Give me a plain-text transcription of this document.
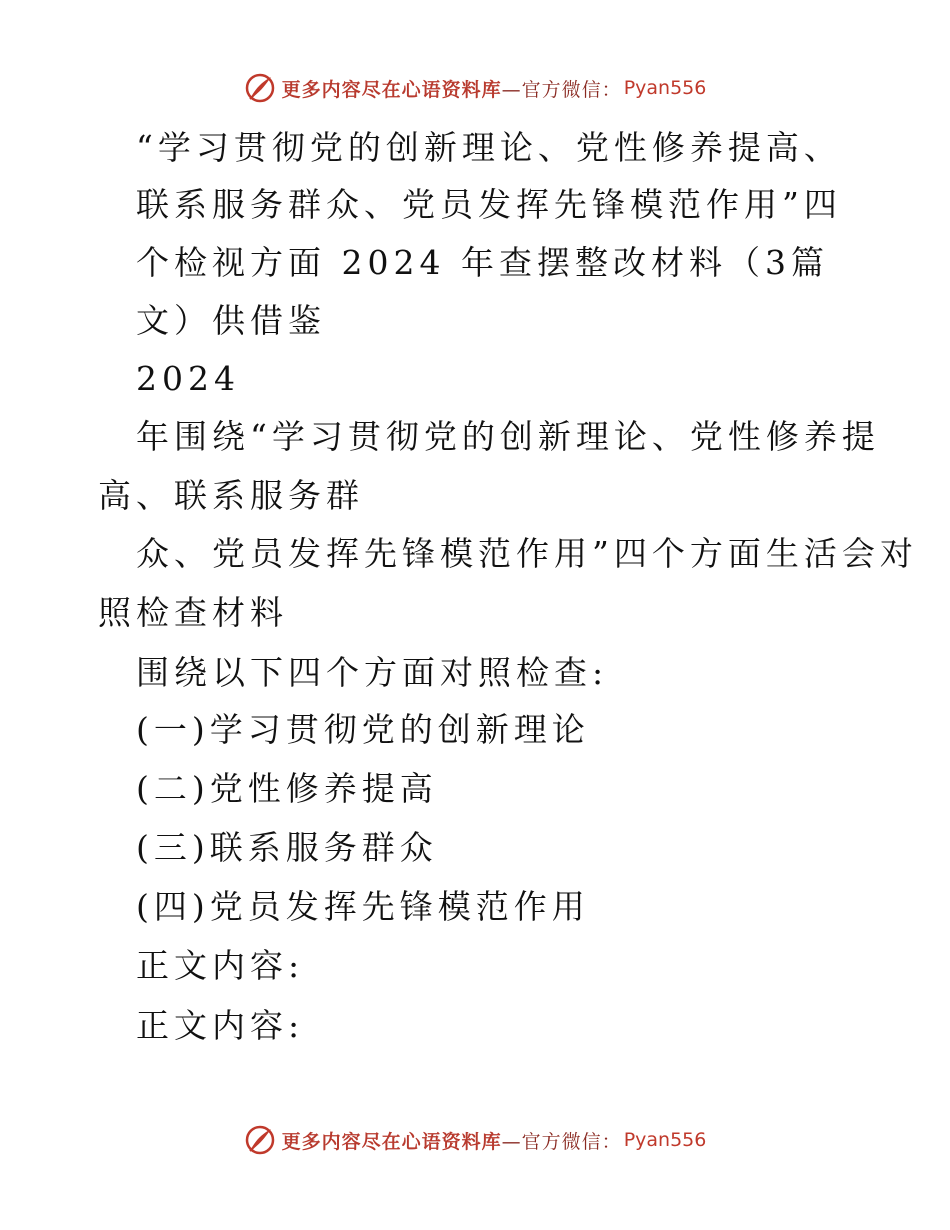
更多内容尽在心语资料库 —官方微信： Pyan556
“学习贯彻党的创新理论、党性修养提高、
联系服务群众、党员发挥先锋模范作用”四
个检视方面 2024 年查摆整改材料（3篇
文）供借鉴
2024
年围绕“学习贯彻党的创新理论、党性修养提
高、联系服务群
众、党员发挥先锋模范作用”四个方面生活会对
照检查材料
围绕以下四个方面对照检查:
(一)学习贯彻党的创新理论
(二)党性修养提高
(三)联系服务群众
(四)党员发挥先锋模范作用
正文内容:
正文内容:
更多内容尽在心语资料库 —官方微信： Pyan556
